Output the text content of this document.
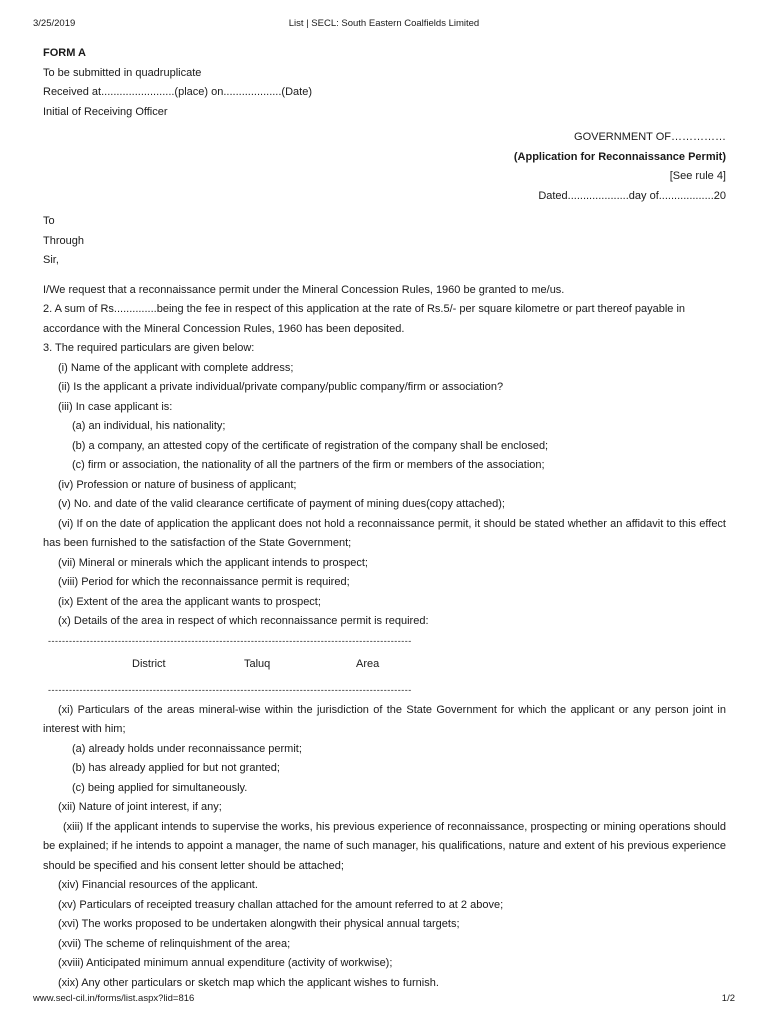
3/25/2019	List | SECL: South Eastern Coalfields Limited

FORM A

To be submitted in quadruplicate

Received at........................(place) on...................(Date)

Initial of Receiving Officer

GOVERNMENT OF……………

(Application for Reconnaissance Permit)

[See rule 4]

Dated....................day of..................20

To

Through

Sir,

I/We request that a reconnaissance permit under the Mineral Concession Rules, 1960 be granted to me/us.

2. A sum of Rs..............being the fee in respect of this application at the rate of Rs.5/- per square kilometre or part thereof payable in accordance with the Mineral Concession Rules, 1960 has been deposited.

3. The required particulars are given below:

(i) Name of the applicant with complete address;

(ii) Is the applicant a private individual/private company/public company/firm or association?

(iii) In case applicant is:

(a) an individual, his nationality;

(b) a company, an attested copy of the certificate of registration of the company shall be enclosed;

(c) firm or association, the nationality of all the partners of the firm or members of the association;

(iv) Profession or nature of business of applicant;

(v) No. and date of the valid clearance certificate of payment of mining dues(copy attached);

(vi) If on the date of application the applicant does not hold a reconnaissance permit, it should be stated whether an affidavit to this effect has been furnished to the satisfaction of the State Government;

(vii) Mineral or minerals which the applicant intends to prospect;

(viii) Period for which the reconnaissance permit is required;

(ix) Extent of the area the applicant wants to prospect;

(x) Details of the area in respect of which reconnaissance permit is required:

--------------------------------------------------------------------------------------------------------
District	Taluq	Area
--------------------------------------------------------------------------------------------------------

(xi) Particulars of the areas mineral-wise within the jurisdiction of the State Government for which the applicant or any person joint in interest with him;

(a) already holds under reconnaissance permit;

(b) has already applied for but not granted;

(c) being applied for simultaneously.

(xii) Nature of joint interest, if any;

(xiii) If the applicant intends to supervise the works, his previous experience of reconnaissance, prospecting or mining operations should be explained; if he intends to appoint a manager, the name of such manager, his qualifications, nature and extent of his previous experience should be specified and his consent letter should be attached;

(xiv) Financial resources of the applicant.

(xv) Particulars of receipted treasury challan attached for the amount referred to at 2 above;

(xvi) The works proposed to be undertaken alongwith their physical annual targets;

(xvii) The scheme of relinquishment of the area;

(xviii) Anticipated minimum annual expenditure (activity of workwise);

(xix) Any other particulars or sketch map which the applicant wishes to furnish.

www.secl-cil.in/forms/list.aspx?lid=816	1/2
